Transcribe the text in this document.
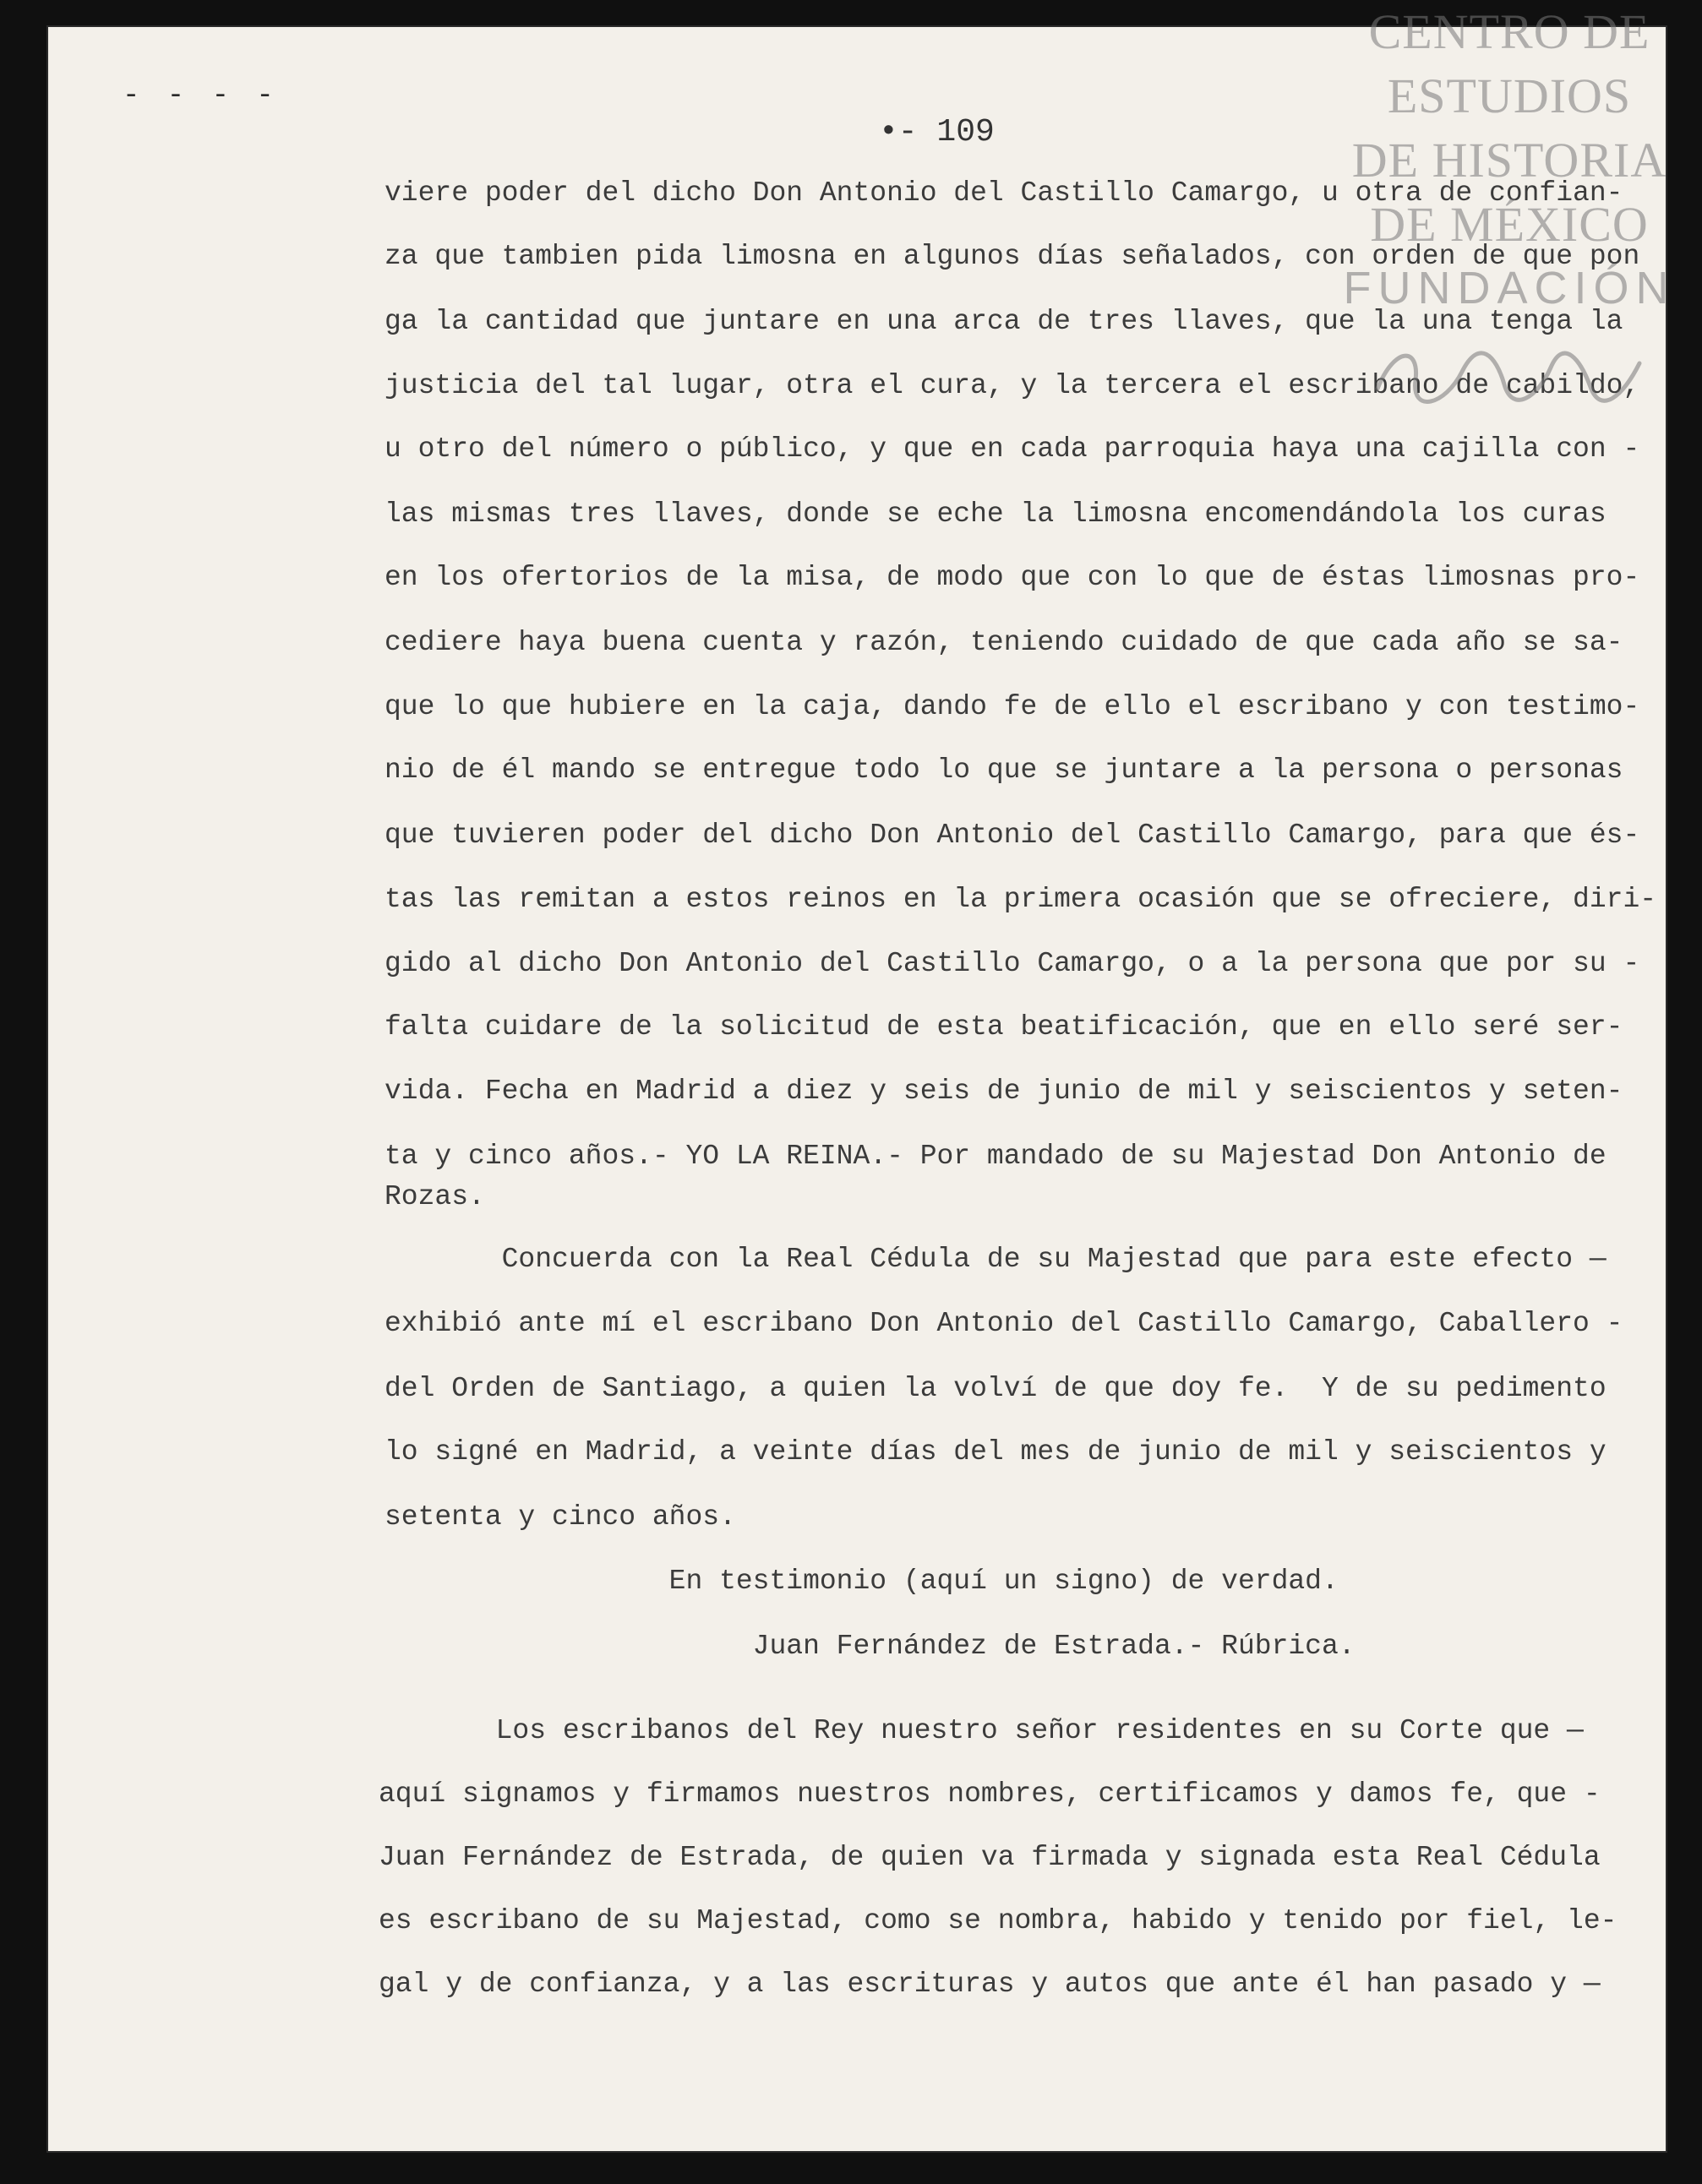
- - - -
•- 109
viere poder del dicho Don Antonio del Castillo Camargo, u otra de confian-
za que tambien pida limosna en algunos días señalados, con orden de que pon
ga la cantidad que juntare en una arca de tres llaves, que la una tenga la
justicia del tal lugar, otra el cura, y la tercera el escribano de cabildo,
u otro del número o público, y que en cada parroquia haya una cajilla con -
las mismas tres llaves, donde se eche la limosna encomendándola los curas
en los ofertorios de la misa, de modo que con lo que de éstas limosnas pro-
cediere haya buena cuenta y razón, teniendo cuidado de que cada año se sa-
que lo que hubiere en la caja, dando fe de ello el escribano y con testimo-
nio de él mando se entregue todo lo que se juntare a la persona o personas
que tuvieren poder del dicho Don Antonio del Castillo Camargo, para que és-
tas las remitan a estos reinos en la primera ocasión que se ofreciere, diri-
gido al dicho Don Antonio del Castillo Camargo, o a la persona que por su -
falta cuidare de la solicitud de esta beatificación, que en ello seré ser-
vida. Fecha en Madrid a diez y seis de junio de mil y seiscientos y seten-
ta y cinco años.- YO LA REINA.- Por mandado de su Majestad Don Antonio de
Rozas.
Concuerda con la Real Cédula de su Majestad que para este efecto —
exhibió ante mí el escribano Don Antonio del Castillo Camargo, Caballero -
del Orden de Santiago, a quien la volví de que doy fe.  Y de su pedimento
lo signé en Madrid, a veinte días del mes de junio de mil y seiscientos y
setenta y cinco años.
En testimonio (aquí un signo) de verdad.
Juan Fernández de Estrada.- Rúbrica.
Los escribanos del Rey nuestro señor residentes en su Corte que —
aquí signamos y firmamos nuestros nombres, certificamos y damos fe, que -
Juan Fernández de Estrada, de quien va firmada y signada esta Real Cédula
es escribano de su Majestad, como se nombra, habido y tenido por fiel, le-
gal y de confianza, y a las escrituras y autos que ante él han pasado y —
CENTRO DE
ESTUDIOS
DE HISTORIA
DE MÉXICO
FUNDACIÓN
